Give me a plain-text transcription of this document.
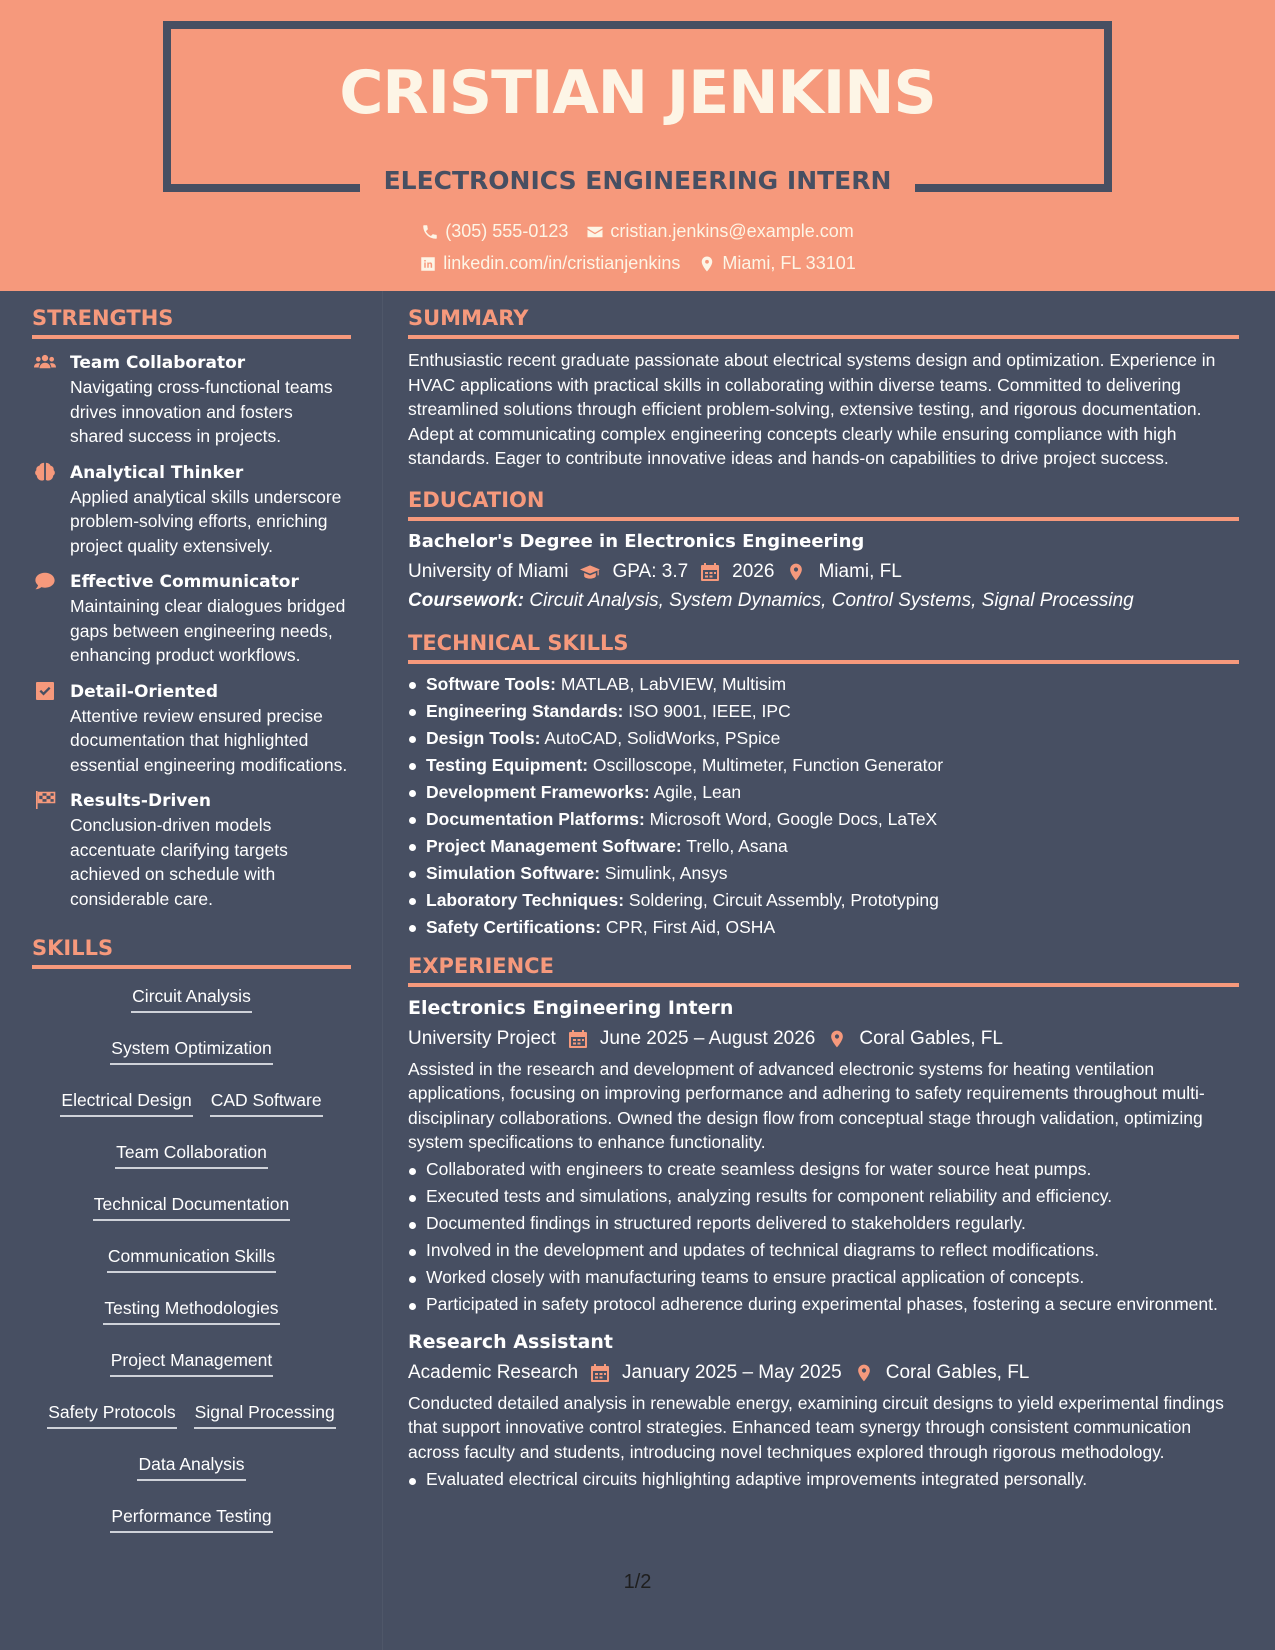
CRISTIAN JENKINS
ELECTRONICS ENGINEERING INTERN
(305) 555-0123 cristian.jenkins@example.com
linkedin.com/in/cristianjenkins Miami, FL 33101
STRENGTHS
Team Collaborator
Navigating cross-functional teams drives innovation and fosters shared success in projects.
Analytical Thinker
Applied analytical skills underscore problem-solving efforts, enriching project quality extensively.
Effective Communicator
Maintaining clear dialogues bridged gaps between engineering needs, enhancing product workflows.
Detail-Oriented
Attentive review ensured precise documentation that highlighted essential engineering modifications.
Results-Driven
Conclusion-driven models accentuate clarifying targets achieved on schedule with considerable care.
SKILLS
Circuit Analysis
System Optimization
Electrical Design CAD Software
Team Collaboration
Technical Documentation
Communication Skills
Testing Methodologies
Project Management
Safety Protocols Signal Processing
Data Analysis
Performance Testing
SUMMARY
Enthusiastic recent graduate passionate about electrical systems design and optimization. Experience in HVAC applications with practical skills in collaborating within diverse teams. Committed to delivering streamlined solutions through efficient problem-solving, extensive testing, and rigorous documentation. Adept at communicating complex engineering concepts clearly while ensuring compliance with high standards. Eager to contribute innovative ideas and hands-on capabilities to drive project success.
EDUCATION
Bachelor's Degree in Electronics Engineering
University of Miami GPA: 3.7 2026 Miami, FL
Coursework: Circuit Analysis, System Dynamics, Control Systems, Signal Processing
TECHNICAL SKILLS
Software Tools: MATLAB, LabVIEW, Multisim
Engineering Standards: ISO 9001, IEEE, IPC
Design Tools: AutoCAD, SolidWorks, PSpice
Testing Equipment: Oscilloscope, Multimeter, Function Generator
Development Frameworks: Agile, Lean
Documentation Platforms: Microsoft Word, Google Docs, LaTeX
Project Management Software: Trello, Asana
Simulation Software: Simulink, Ansys
Laboratory Techniques: Soldering, Circuit Assembly, Prototyping
Safety Certifications: CPR, First Aid, OSHA
EXPERIENCE
Electronics Engineering Intern
University Project June 2025 – August 2026 Coral Gables, FL
Assisted in the research and development of advanced electronic systems for heating ventilation applications, focusing on improving performance and adhering to safety requirements throughout multi-disciplinary collaborations. Owned the design flow from conceptual stage through validation, optimizing system specifications to enhance functionality.
Collaborated with engineers to create seamless designs for water source heat pumps.
Executed tests and simulations, analyzing results for component reliability and efficiency.
Documented findings in structured reports delivered to stakeholders regularly.
Involved in the development and updates of technical diagrams to reflect modifications.
Worked closely with manufacturing teams to ensure practical application of concepts.
Participated in safety protocol adherence during experimental phases, fostering a secure environment.
Research Assistant
Academic Research January 2025 – May 2025 Coral Gables, FL
Conducted detailed analysis in renewable energy, examining circuit designs to yield experimental findings that support innovative control strategies. Enhanced team synergy through consistent communication across faculty and students, introducing novel techniques explored through rigorous methodology.
Evaluated electrical circuits highlighting adaptive improvements integrated personally.
1/2
